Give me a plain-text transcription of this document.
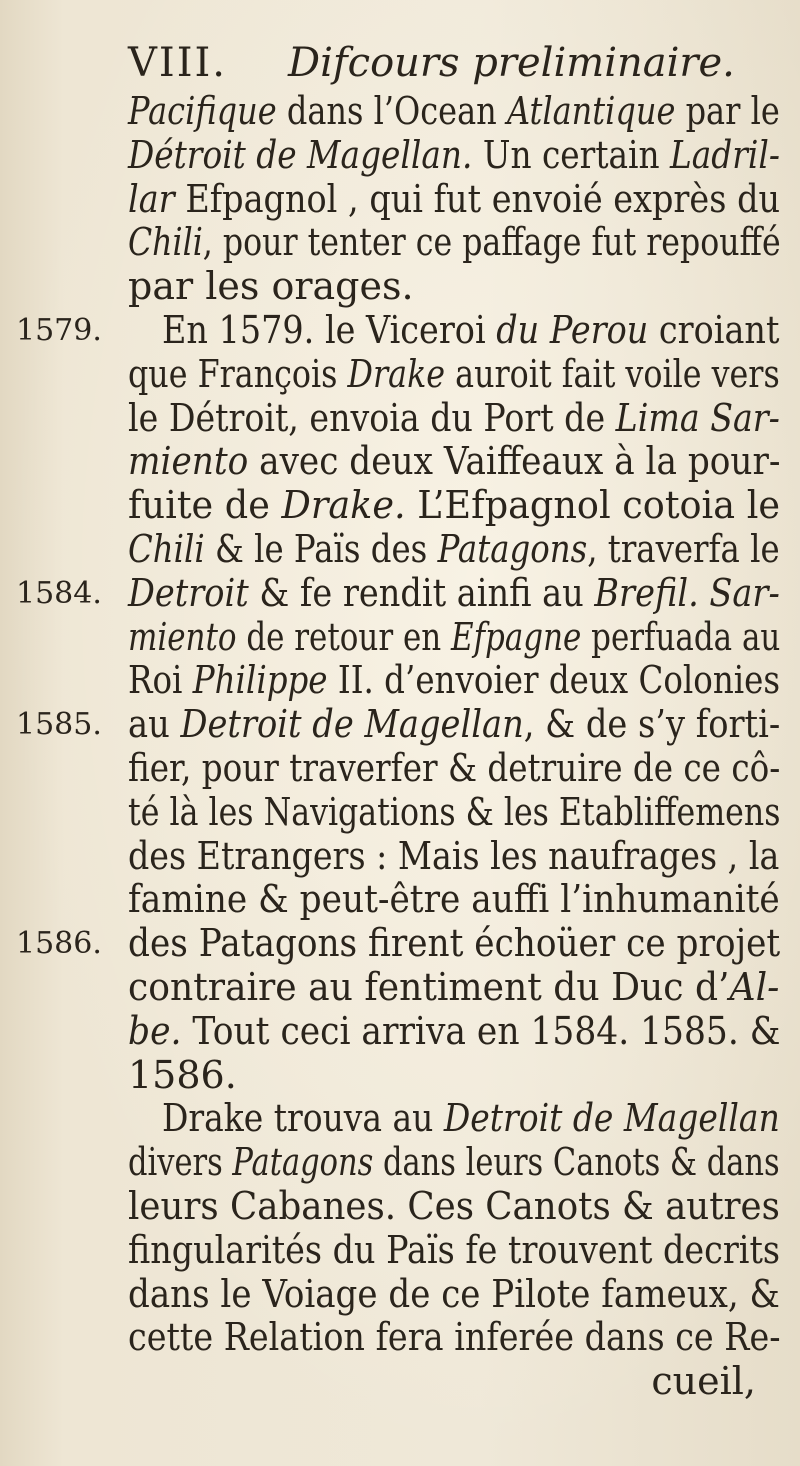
VIII. Difcours preliminaire.
Pacifique dans l’Ocean Atlantique par le
Détroit de Magellan. Un certain Ladril-
lar Efpagnol , qui fut envoié exprès du
Chili, pour tenter ce paffage fut repouffé
par les orages.
1579. En 1579. le Viceroi du Perou croiant
que François Drake auroit fait voile vers
le Détroit, envoia du Port de Lima Sar-
miento avec deux Vaiffeaux à la pour-
fuite de Drake. L’Efpagnol cotoia le
Chili & le Païs des Patagons, traverfa le
1584. Detroit & fe rendit ainfi au Brefil. Sar-
miento de retour en Efpagne perfuada au
Roi Philippe II. d’envoier deux Colonies
1585. au Detroit de Magellan, & de s’y forti-
fier, pour traverfer & detruire de ce cô-
té là les Navigations & les Etabliffemens
des Etrangers : Mais les naufrages , la
famine & peut-être auffi l’inhumanité
1586. des Patagons firent échoüer ce projet
contraire au fentiment du Duc d’Al-
be. Tout ceci arriva en 1584. 1585. &
1586.
Drake trouva au Detroit de Magellan
divers Patagons dans leurs Canots & dans
leurs Cabanes. Ces Canots & autres
fingularités du Païs fe trouvent decrits
dans le Voiage de ce Pilote fameux, &
cette Relation fera inferée dans ce Re-
cueil,
